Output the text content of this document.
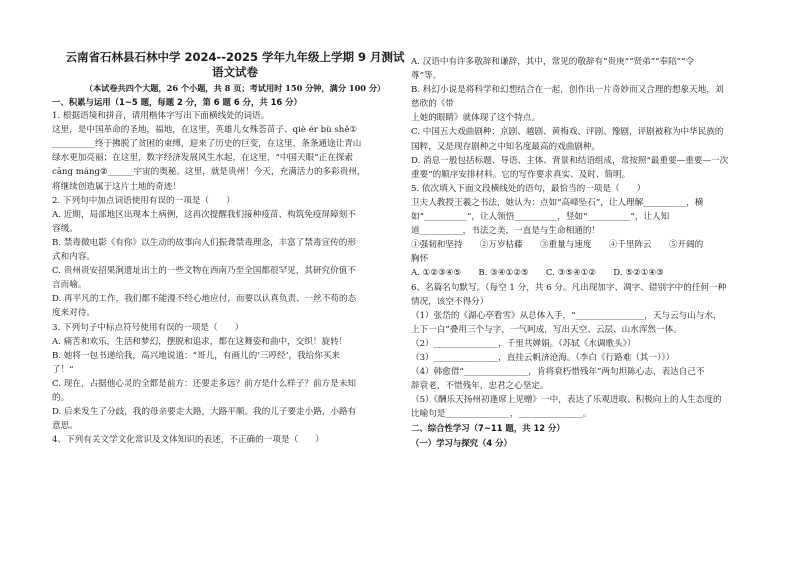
云南省石林县石林中学 2024--2025 学年九年级上学期 9 月测试
语文试卷
（本试卷共四个大题，26 个小题，共 8 页；考试用时 150 分钟，满分 100 分）

一、积累与运用（1~5 题，每题 2 分，第 6 题 6 分，共 16 分）

1. 根据语境和拼音，请用楷体字写出下面横线处的词语。

这里，是中国革命的圣地，福地，在这里，英雄儿女殊荟苗子、qiè ér bù shě①

__________终于拂脱了贫困的束缚，迎来了历史的巨变，在这里，条条通途让青山

绿水更加亮丽；在这里，数字经济发展风生水起，在这里，“中国天眼”正在探索

cāng máng②______宇宙的奥秘。这里，就是贵州！今天，充满活力的多彩贵州，

将继续创造属于这片土地的奇迹！

2. 下列句中加点词语使用有误的一项是（　　）

A. 近期，局部地区出现本土病例，这再次提醒我们接种疫苗、构筑免疫屏障刻不

容缓。

B. 禁毒微电影《有你》以生动的故事向人们振聋禁毒理念，丰富了禁毒宣传的形

式和内容。

C. 贵州贵安招果涧遗址出土的一些文物在西南乃至全国都很罕见，其研究价值不

言而喻。

D. 再平凡的工作，我们都不能漫不经心地应付，而要以认真负责、一丝不苟的态

度来对待。

3. 下列句子中标点符号使用有误的一项是（　　）

A. 痛苦和欢乐，生活和梦幻，摆脱和追求，都在这舞姿和曲中，交织！旋转！

B. 她将一包书递给我，高兴地说道：“哥儿，有画儿的‘三哼经’，我给你买来

了！”

C. 现在，占据他心灵的全都是前方：还要走多远？前方是什么样子？前方是未知

的。

D. 后来发生了分歧，我的母亲要走大路，大路平顺。我的儿子要走小路，小路有

意思。

4、下列有关文学文化常识及文体知识的表述，不正确的一项是（　　）

A. 汉语中有许多敬辞和谦辞，其中，常见的敬辞有“贵庚”“贤弟”“奉陪”“令

尊”等。

B. 科幻小说是将科学和幻想结合在一起，创作出一片奇妙而又合理的想象天地，刘

慈欣的《带

上她的眼睛》就体现了这个特点。

C. 中国五大戏曲剧种：京剧、越剧、黄梅戏、评剧、豫剧，评剧被称为中华民族的

国粹，又是现存剧种之中知名度最高的戏曲剧种。

D. 消息一般包括标题、导语、主体、背景和结语组成，常按照“最重要—重要—一次

重要”的顺序安排材料。它的写作要求真实、及时、简明。

5. 依次填入下面文段横线处的语句，最恰当的一项是（　　）

卫夫人教授王羲之书法，她认为：点如“高峰坠石”，让人理解__________，横

如“__________”，让人领悟__________，竖如“__________”，让人知

道__________，书法之美，一直是与生命相通的！

①强韧和坚持　　②万岁枯藤　　③重量与速度　　④千里阵云　　⑤开阔的

胸怀

A. ①②③④⑤　　B. ③④①②⑤　　C. ③⑤④①②　　D. ⑤②①④③

6、名篇名句默写。（每空 1 分，共 6 分。凡出现加字、凋字、错别字中的任何一种

情况，该空不得分）

（1）张岱的《湖心亭看雪》从总体入手，“________________，天与云与山与水，

上下一白”叠用三个与字，一气呵成，写出天空、云层、山水浑然一体。

（2）_______________，千里共婵娟。（苏轼《水调歌头》）

（3）_______________，直挂云帆济沧海。（李白《行路难（其一）》）

（4）韩愈借“_______________，肯将衰朽惜残年”两句坦陈心志，表达自己不

辞衰老，不惜残年，忠君之心坚定。

（5）《酬乐天扬州初逢席上见赠》一中，表达了乐观进取、积极向上的人生态度的

比喻句是_______________，_______________。

二、综合性学习（7~11 题，共 12 分）

（一）学习与探究（4 分）
